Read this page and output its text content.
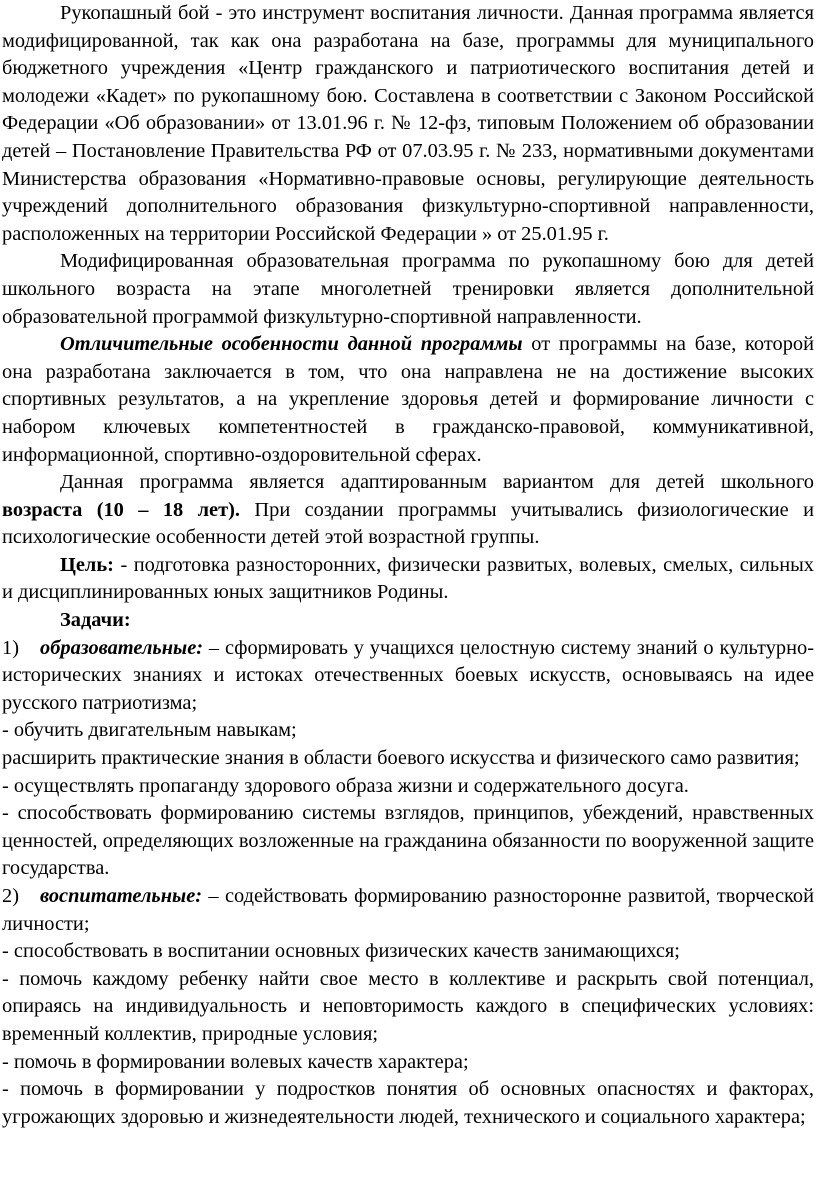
Рукопашный бой - это инструмент воспитания личности. Данная программа является модифицированной, так как она разработана на базе, программы для муниципального бюджетного учреждения «Центр гражданского и патриотического воспитания детей и молодежи «Кадет» по рукопашному бою. Составлена в соответствии с Законом Российской Федерации «Об образовании» от 13.01.96 г. № 12-фз, типовым Положением об образовании детей – Постановление Правительства РФ от 07.03.95 г. № 233, нормативными документами Министерства образования «Нормативно-правовые основы, регулирующие деятельность учреждений дополнительного образования физкультурно-спортивной направленности, расположенных на территории Российской Федерации » от 25.01.95 г.

Модифицированная образовательная программа по рукопашному бою для детей школьного возраста на этапе многолетней тренировки является дополнительной образовательной программой физкультурно-спортивной направленности.

Отличительные особенности данной программы от программы на базе, которой она разработана заключается в том, что она направлена не на достижение высоких спортивных результатов, а на укрепление здоровья детей и формирование личности с набором ключевых компетентностей в гражданско-правовой, коммуникативной, информационной, спортивно-оздоровительной сферах.

Данная программа является адаптированным вариантом для детей школьного возраста (10 – 18 лет). При создании программы учитывались физиологические и психологические особенности детей этой возрастной группы.

Цель: - подготовка разносторонних, физически развитых, волевых, смелых, сильных и дисциплинированных юных защитников Родины.

Задачи:

1) образовательные: – сформировать у учащихся целостную систему знаний о культурно-исторических знаниях и истоках отечественных боевых искусств, основываясь на идее русского патриотизма;

- обучить двигательным навыкам;

расширить практические знания в области боевого искусства и физического само развития;

- осуществлять пропаганду здорового образа жизни и содержательного досуга.

- способствовать формированию системы взглядов, принципов, убеждений, нравственных ценностей, определяющих возложенные на гражданина обязанности по вооруженной защите государства.

2) воспитательные: – содействовать формированию разносторонне развитой, творческой личности;

- способствовать в воспитании основных физических качеств занимающихся;

- помочь каждому ребенку найти свое место в коллективе и раскрыть свой потенциал, опираясь на индивидуальность и неповторимость каждого в специфических условиях: временный коллектив, природные условия;

- помочь в формировании волевых качеств характера;

- помочь в формировании у подростков понятия об основных опасностях и факторах, угрожающих здоровью и жизнедеятельности людей, технического и социального характера;
